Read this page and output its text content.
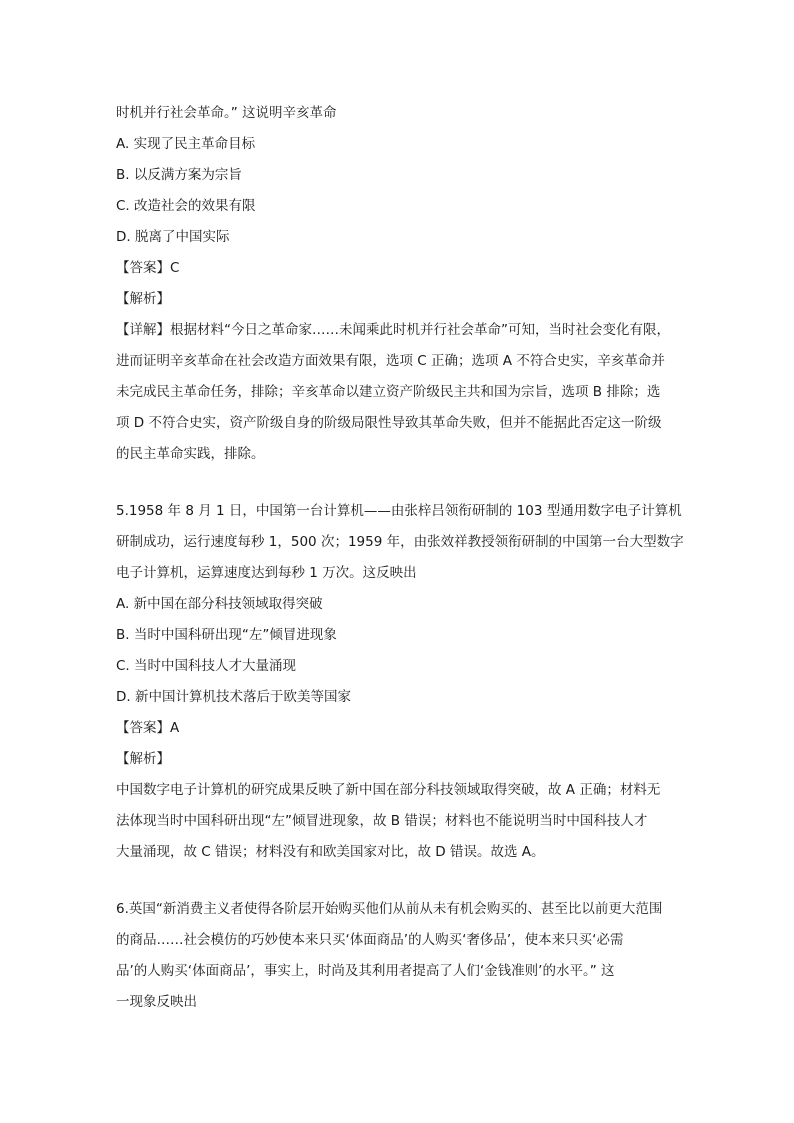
时机并行社会革命。” 这说明辛亥革命
A. 实现了民主革命目标
B. 以反满方案为宗旨
C. 改造社会的效果有限
D. 脱离了中国实际
【答案】C
【解析】
【详解】根据材料“今日之革命家……未闻乘此时机并行社会革命”可知，当时社会变化有限，
进而证明辛亥革命在社会改造方面效果有限，选项 C 正确；选项 A 不符合史实，辛亥革命并
未完成民主革命任务，排除；辛亥革命以建立资产阶级民主共和国为宗旨，选项 B 排除；选
项 D 不符合史实，资产阶级自身的阶级局限性导致其革命失败，但并不能据此否定这一阶级
的民主革命实践，排除。
5.1958 年 8 月 1 日，中国第一台计算机——由张梓吕领衔研制的 103 型通用数字电子计算机
研制成功，运行速度每秒 1，500 次；1959 年，由张效祥教授领衔研制的中国第一台大型数字
电子计算机，运算速度达到每秒 1 万次。这反映出
A. 新中国在部分科技领域取得突破
B. 当时中国科研出现“左”倾冒进现象
C. 当时中国科技人才大量涌现
D. 新中国计算机技术落后于欧美等国家
【答案】A
【解析】
中国数字电子计算机的研究成果反映了新中国在部分科技领域取得突破，故 A 正确；材料无
法体现当时中国科研出现“左”倾冒进现象，故 B 错误；材料也不能说明当时中国科技人才
大量涌现，故 C 错误；材料没有和欧美国家对比，故 D 错误。故选 A。
6.英国“新消费主义者使得各阶层开始购买他们从前从未有机会购买的、甚至比以前更大范围
的商品……社会模仿的巧妙使本来只买‘体面商品’的人购买‘奢侈品’，使本来只买‘必需
品’的人购买‘体面商品’，事实上，时尚及其利用者提高了人们‘金钱准则’的水平。” 这
一现象反映出
